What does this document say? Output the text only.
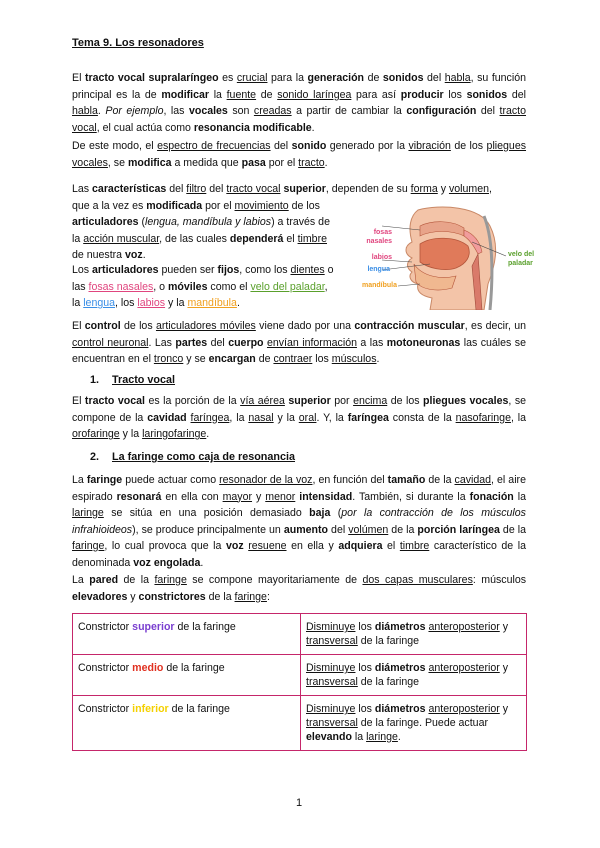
Tema 9. Los resonadores

El tracto vocal supralaríngeo es crucial para la generación de sonidos del habla, su función principal es la de modificar la fuente de sonido laríngea para así producir los sonidos del habla. Por ejemplo, las vocales son creadas a partir de cambiar la configuración del tracto vocal, el cual actúa como resonancia modificable.

De este modo, el espectro de frecuencias del sonido generado por la vibración de los pliegues vocales, se modifica a medida que pasa por el tracto.

Las características del filtro del tracto vocal superior, dependen de su forma y volumen,

que a la vez es modificada por el movimiento de los
articuladores (lengua, mandíbula y labios) a través de
la acción muscular, de las cuales dependerá el timbre
de nuestra voz.
Los articuladores pueden ser fijos, como los dientes o
las fosas nasales, o móviles como el velo del paladar,
la lengua, los labios y la mandíbula.
fosas nasales
labios
lengua
mandíbula
velo del paladar

El control de los articuladores móviles viene dado por una contracción muscular, es decir, un control neuronal. Las partes del cuerpo envían información a las motoneuronas las cuáles se encuentran en el tronco y se encargan de contraer los músculos.

1. Tracto vocal

El tracto vocal es la porción de la vía aérea superior por encima de los pliegues vocales, se compone de la cavidad faríngea, la nasal y la oral. Y, la faríngea consta de la nasofaringe, la orofaringe y la laringofaringe.

2. La faringe como caja de resonancia

La faringe puede actuar como resonador de la voz, en función del tamaño de la cavidad, el aire espirado resonará en ella con mayor y menor intensidad. También, si durante la fonación la laringe se sitúa en una posición demasiado baja (por la contracción de los músculos infrahioideos), se produce principalmente un aumento del volúmen de la porción laríngea de la faringe, lo cual provoca que la voz resuene en ella y adquiera el timbre característico de la denominada voz engolada.

La pared de la faringe se compone mayoritariamente de dos capas musculares: músculos elevadores y constrictores de la faringe:

Constrictor superior de la faringe	Disminuye los diámetros anteroposterior y transversal de la faringe
Constrictor medio de la faringe	Disminuye los diámetros anteroposterior y transversal de la faringe
Constrictor inferior de la faringe	Disminuye los diámetros anteroposterior y transversal de la faringe. Puede actuar elevando la laringe.
1
